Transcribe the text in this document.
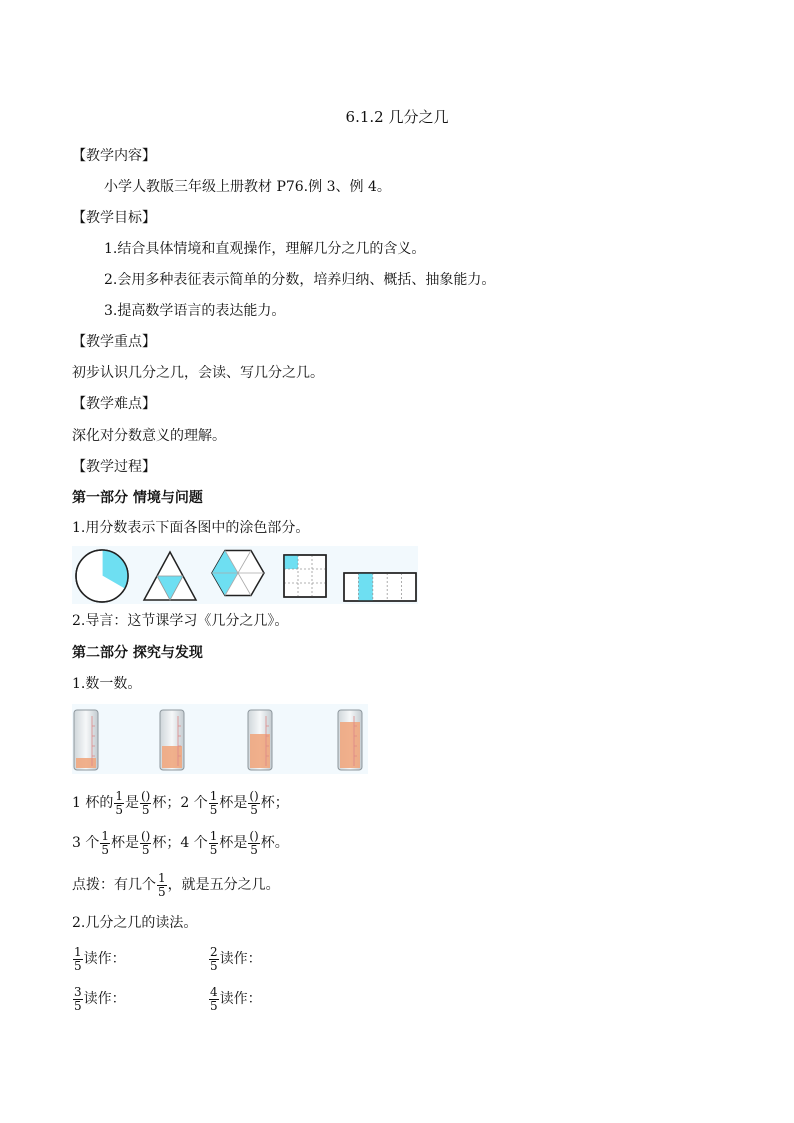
6.1.2 几分之几
【教学内容】
小学人教版三年级上册教材 P76.例 3、例 4。
【教学目标】
1.结合具体情境和直观操作，理解几分之几的含义。
2.会用多种表征表示简单的分数，培养归纳、概括、抽象能力。
3.提高数学语言的表达能力。
【教学重点】
初步认识几分之几，会读、写几分之几。
【教学难点】
深化对分数意义的理解。
【教学过程】
第一部分 情境与问题
1.用分数表示下面各图中的涂色部分。
2.导言：这节课学习《几分之几》。
第二部分 探究与发现
1.数一数。
1 杯的 $\frac{1}{5}$ 是 $\frac{()}{5}$ 杯；2 个 $\frac{1}{5}$ 杯是 $\frac{()}{5}$ 杯；
3 个 $\frac{1}{5}$ 杯是 $\frac{()}{5}$ 杯；4 个 $\frac{1}{5}$ 杯是 $\frac{()}{5}$ 杯。
点拨：有几个 $\frac{1}{5}$ ，就是五分之几。
2.几分之几的读法。
$\frac{1}{5}$ 读作：	$\frac{2}{5}$ 读作：
$\frac{3}{5}$ 读作：	$\frac{4}{5}$ 读作：
